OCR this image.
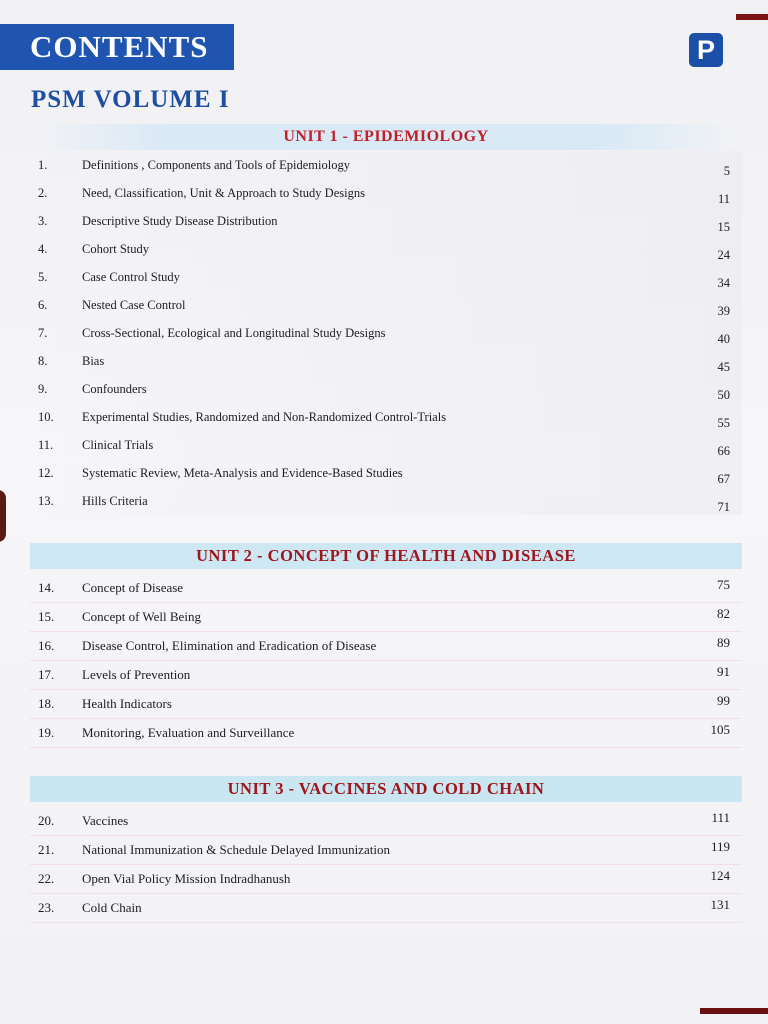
CONTENTS	P
PSM VOLUME I
UNIT 1 - EPIDEMIOLOGY
1.	Definitions , Components and Tools of Epidemiology	5
2.	Need, Classification, Unit & Approach to Study Designs	11
3.	Descriptive Study Disease Distribution	15
4.	Cohort Study	24
5.	Case Control Study	34
6.	Nested Case Control	39
7.	Cross-Sectional, Ecological and Longitudinal Study Designs	40
8.	Bias	45
9.	Confounders	50
10.	Experimental Studies, Randomized and Non-Randomized Control-Trials	55
11.	Clinical Trials	66
12.	Systematic Review, Meta-Analysis and Evidence-Based Studies	67
13.	Hills Criteria	71
UNIT 2 - CONCEPT OF HEALTH AND DISEASE
14.	Concept of Disease	75
15.	Concept of Well Being	82
16.	Disease Control, Elimination and Eradication of Disease	89
17.	Levels of Prevention	91
18.	Health Indicators	99
19.	Monitoring, Evaluation and Surveillance	105
UNIT 3 - VACCINES AND COLD CHAIN
20.	Vaccines	111
21.	National Immunization & Schedule Delayed Immunization	119
22.	Open Vial Policy Mission Indradhanush	124
23.	Cold Chain	131
